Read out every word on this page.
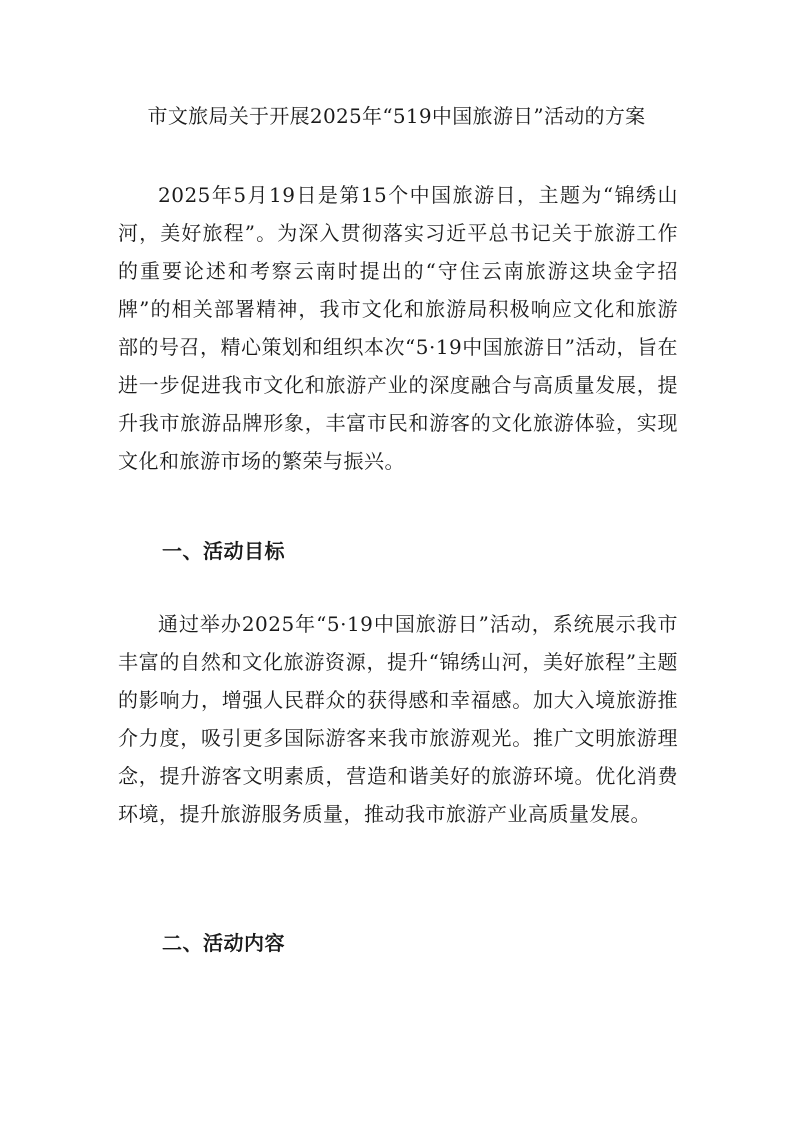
市文旅局关于开展2025年“519中国旅游日”活动的方案

2025年5月19日是第15个中国旅游日，主题为“锦绣山河，美好旅程”。为深入贯彻落实习近平总书记关于旅游工作的重要论述和考察云南时提出的“守住云南旅游这块金字招牌”的相关部署精神，我市文化和旅游局积极响应文化和旅游部的号召，精心策划和组织本次“5·19中国旅游日”活动，旨在进一步促进我市文化和旅游产业的深度融合与高质量发展，提升我市旅游品牌形象，丰富市民和游客的文化旅游体验，实现文化和旅游市场的繁荣与振兴。

一、活动目标

通过举办2025年“5·19中国旅游日”活动，系统展示我市丰富的自然和文化旅游资源，提升“锦绣山河，美好旅程”主题的影响力，增强人民群众的获得感和幸福感。加大入境旅游推介力度，吸引更多国际游客来我市旅游观光。推广文明旅游理念，提升游客文明素质，营造和谐美好的旅游环境。优化消费环境，提升旅游服务质量，推动我市旅游产业高质量发展。

二、活动内容
